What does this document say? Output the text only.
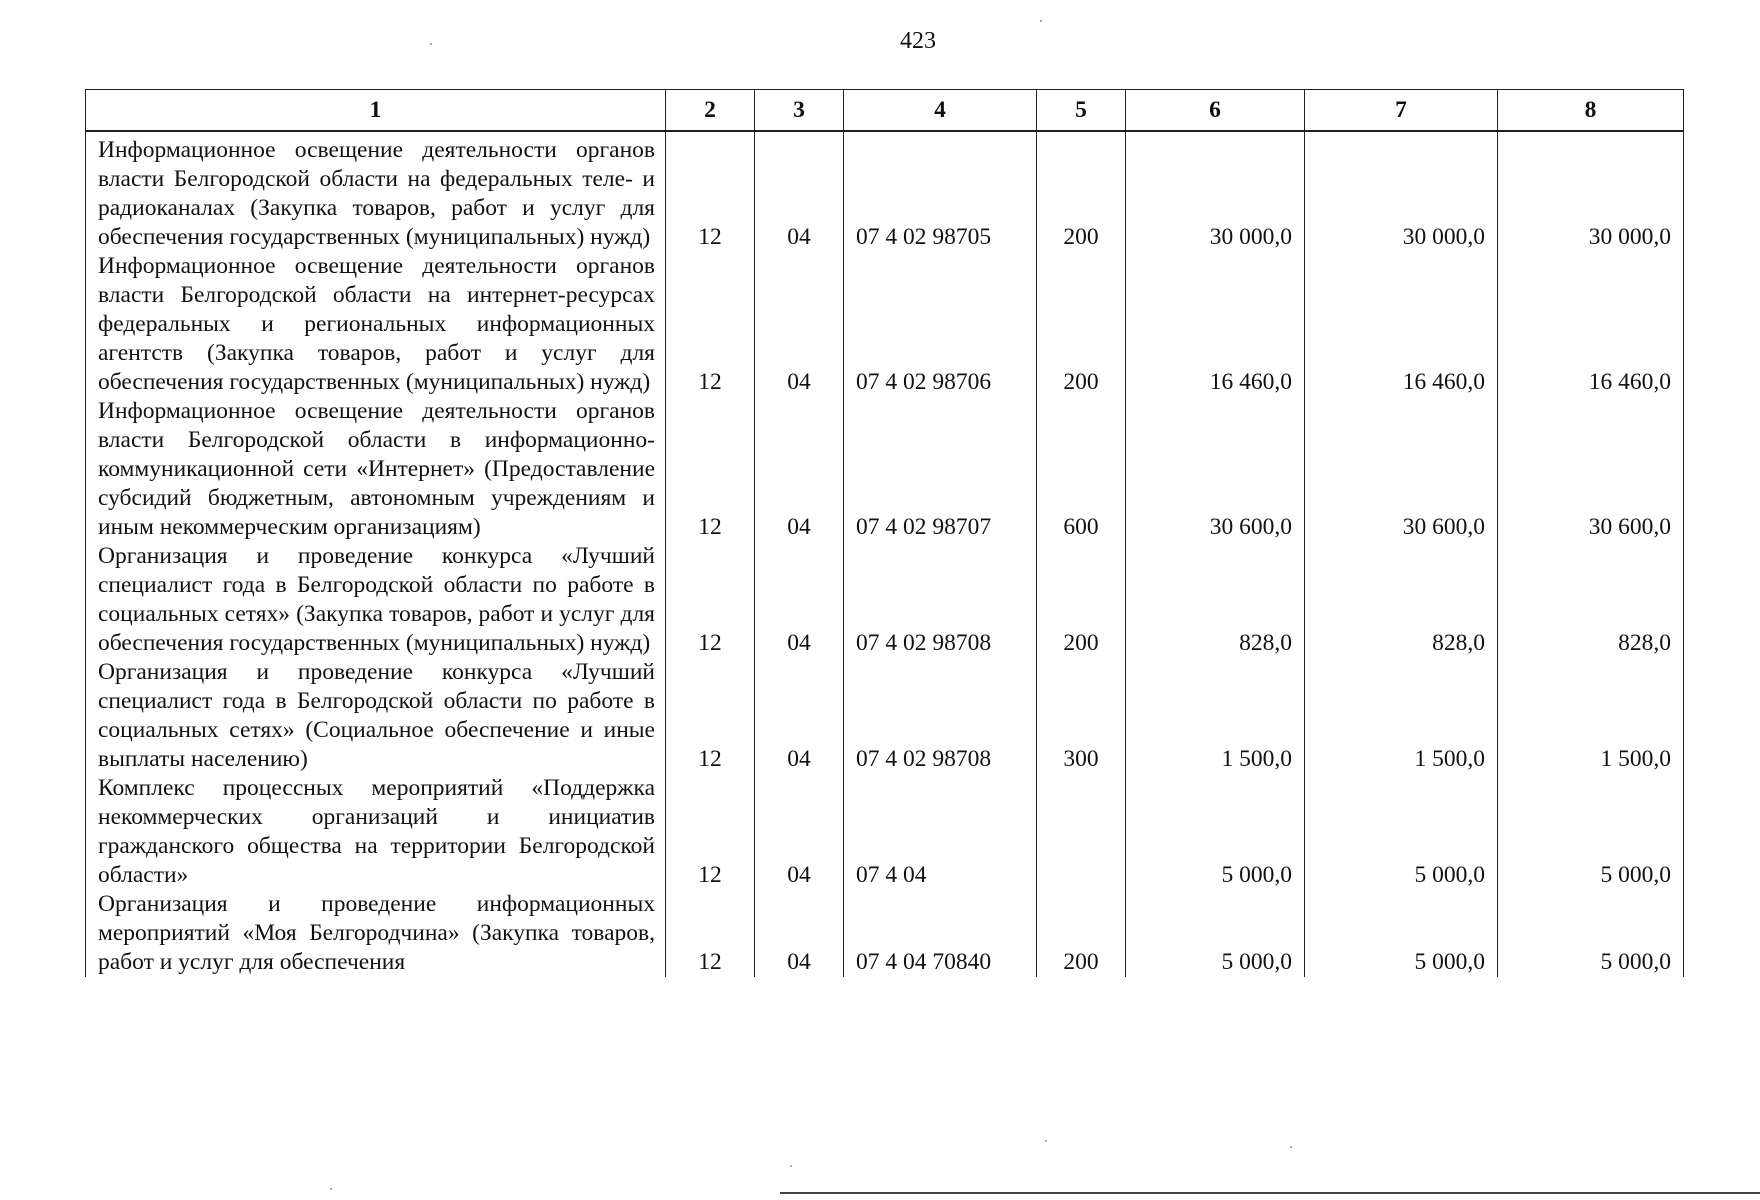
423
1	2	3	4	5	6	7	8
Информационное освещение деятельности органов власти Белгородской области на федеральных теле- и радиоканалах (Закупка товаров, работ и услуг для обеспечения государственных (муниципальных) нужд)	12	04	07 4 02 98705	200	30 000,0	30 000,0	30 000,0
Информационное освещение деятельности органов власти Белгородской области на интернет-ресурсах федеральных и региональных информационных агентств (Закупка товаров, работ и услуг для обеспечения государственных (муниципальных) нужд)	12	04	07 4 02 98706	200	16 460,0	16 460,0	16 460,0
Информационное освещение деятельности органов власти Белгородской области в информационно-коммуникационной сети «Интернет» (Предоставление субсидий бюджетным, автономным учреждениям и иным некоммерческим организациям)	12	04	07 4 02 98707	600	30 600,0	30 600,0	30 600,0
Организация и проведение конкурса «Лучший специалист года в Белгородской области по работе в социальных сетях» (Закупка товаров, работ и услуг для обеспечения государственных (муниципальных) нужд)	12	04	07 4 02 98708	200	828,0	828,0	828,0
Организация и проведение конкурса «Лучший специалист года в Белгородской области по работе в социальных сетях» (Социальное обеспечение и иные выплаты населению)	12	04	07 4 02 98708	300	1 500,0	1 500,0	1 500,0
Комплекс процессных мероприятий «Поддержка некоммерческих организаций и инициатив гражданского общества на территории Белгородской области»	12	04	07 4 04		5 000,0	5 000,0	5 000,0
Организация и проведение информационных мероприятий «Моя Белгородчина» (Закупка товаров, работ и услуг для обеспечения	12	04	07 4 04 70840	200	5 000,0	5 000,0	5 000,0
